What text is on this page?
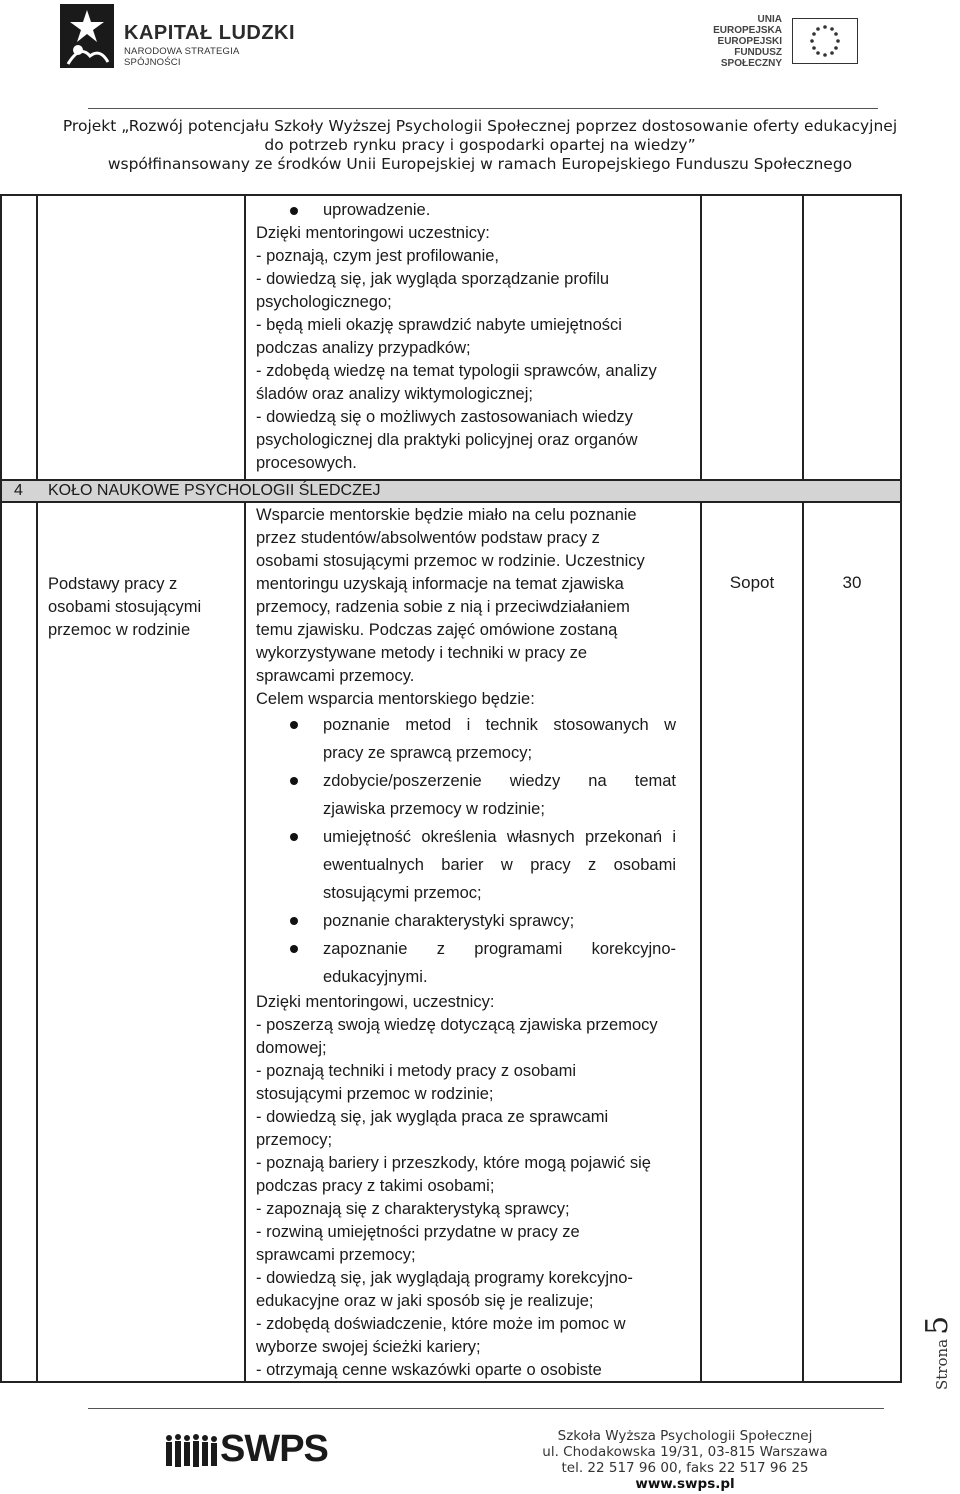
KAPITAŁ LUDZKI
NARODOWA STRATEGIA SPÓJNOŚCI
UNIA EUROPEJSKA
EUROPEJSKI
FUNDUSZ SPOŁECZNY
Projekt „Rozwój potencjału Szkoły Wyższej Psychologii Społecznej poprzez dostosowanie oferty edukacyjnej
do potrzeb rynku pracy i gospodarki opartej na wiedzy”
współfinansowany ze środków Unii Europejskiej w ramach Europejskiego Funduszu Społecznego
4 KOŁO NAUKOWE PSYCHOLOGII ŚLEDCZEJ
uprowadzenie.
Dzięki mentoringowi uczestnicy:
- poznają, czym jest profilowanie,
- dowiedzą się, jak wygląda sporządzanie profilu
psychologicznego;
- będą mieli okazję sprawdzić nabyte umiejętności
podczas analizy przypadków;
- zdobędą wiedzę na temat typologii sprawców, analizy
śladów oraz analizy wiktymologicznej;
- dowiedzą się o możliwych zastosowaniach wiedzy
psychologicznej dla praktyki policyjnej oraz organów
procesowych.
Podstawy pracy z osobami stosującymi przemoc w rodzinie
Sopot	30
Wsparcie mentorskie będzie miało na celu poznanie
przez studentów/absolwentów podstaw pracy z
osobami stosującymi przemoc w rodzinie. Uczestnicy
mentoringu uzyskają informacje na temat zjawiska
przemocy, radzenia sobie z nią i przeciwdziałaniem
temu zjawisku. Podczas zajęć omówione zostaną
wykorzystywane metody i techniki w pracy ze
sprawcami przemocy.
Celem wsparcia mentorskiego będzie:
poznanie metod i technik stosowanych w
pracy ze sprawcą przemocy;
zdobycie/poszerzenie wiedzy na temat
zjawiska przemocy w rodzinie;
umiejętność określenia własnych przekonań i
ewentualnych barier w pracy z osobami
stosującymi przemoc;
poznanie charakterystyki sprawcy;
zapoznanie z programami korekcyjno-
edukacyjnymi.
Dzięki mentoringowi, uczestnicy:
- poszerzą swoją wiedzę dotyczącą zjawiska przemocy
domowej;
- poznają techniki i metody pracy z osobami
stosującymi przemoc w rodzinie;
- dowiedzą się, jak wygląda praca ze sprawcami
przemocy;
- poznają bariery i przeszkody, które mogą pojawić się
podczas pracy z takimi osobami;
- zapoznają się z charakterystyką sprawcy;
- rozwiną umiejętności przydatne w pracy ze
sprawcami przemocy;
- dowiedzą się, jak wyglądają programy korekcyjno-
edukacyjne oraz w jaki sposób się je realizuje;
- zdobędą doświadczenie, które może im pomoc w
wyborze swojej ścieżki kariery;
- otrzymają cenne wskazówki oparte o osobiste
SWPS	Szkoła Wyższa Psychologii Społecznej
ul. Chodakowska 19/31, 03-815 Warszawa
tel. 22 517 96 00, faks 22 517 96 25
www.swps.pl
Strona5
